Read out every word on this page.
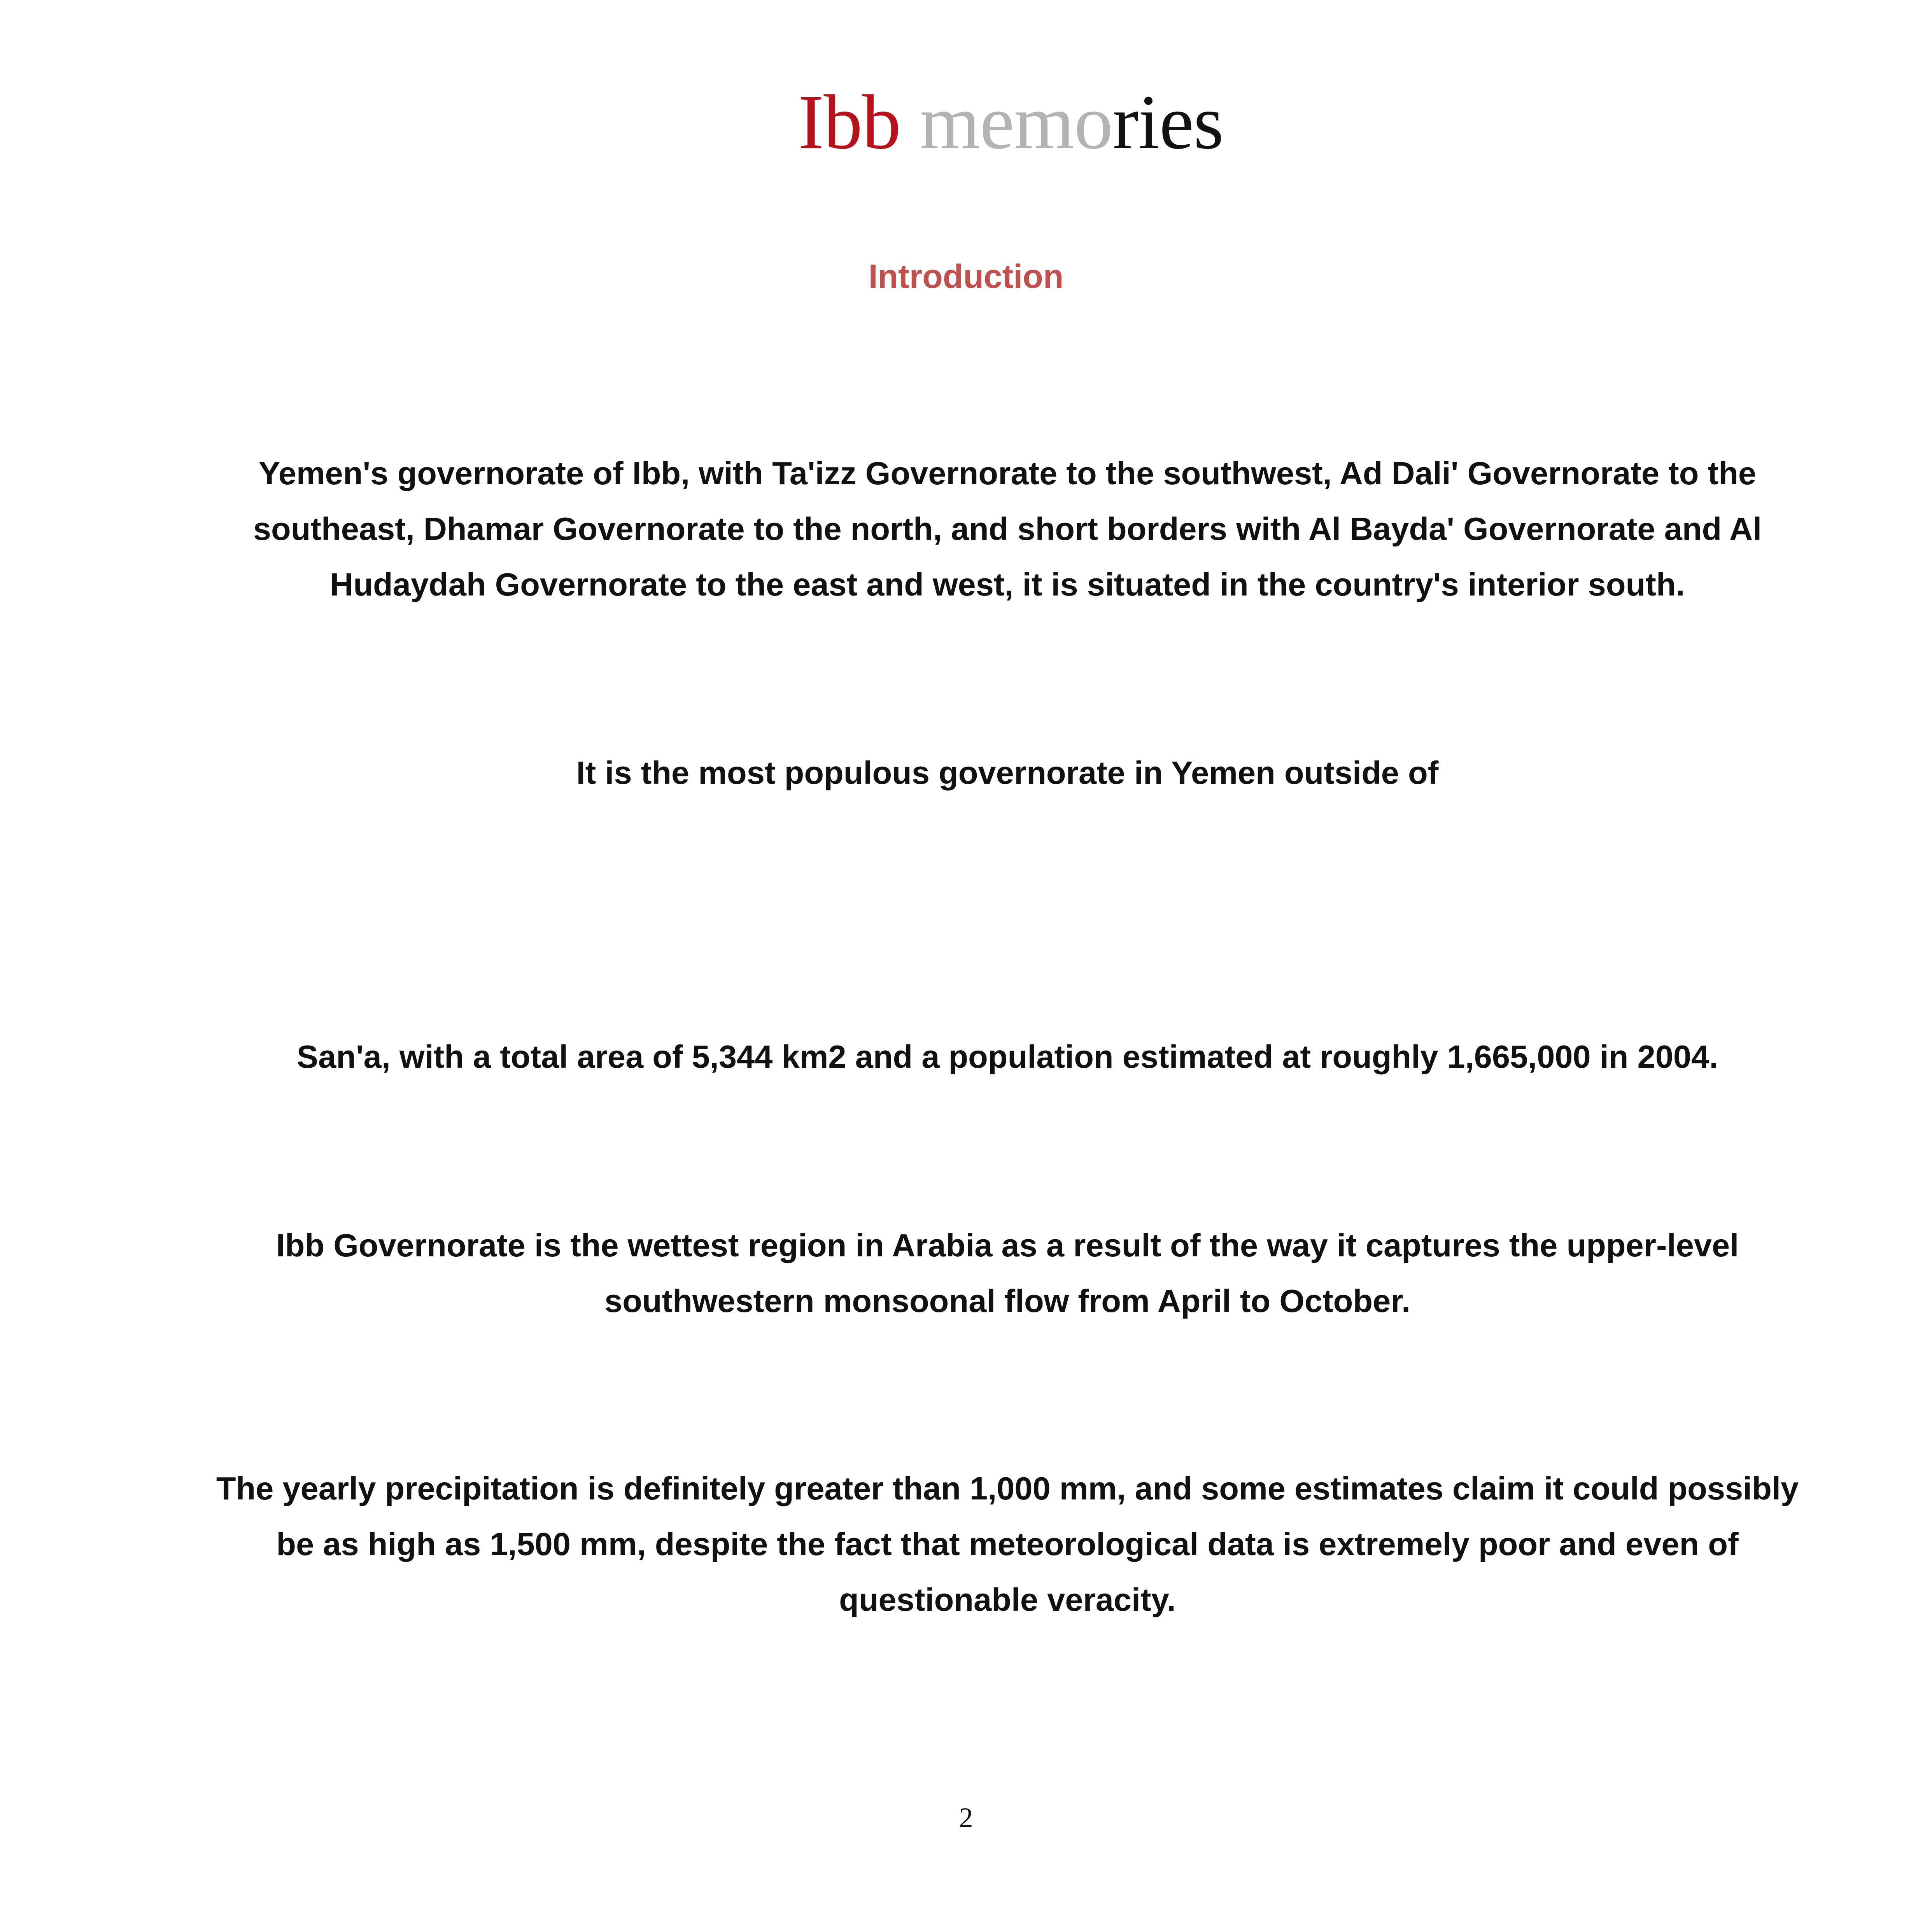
Ibb memories
Introduction
Yemen's governorate of Ibb, with Ta'izz Governorate to the southwest, Ad Dali' Governorate to the southeast, Dhamar Governorate to the north, and short borders with Al Bayda' Governorate and Al Hudaydah Governorate to the east and west, it is situated in the country's interior south.
It is the most populous governorate in Yemen outside of
San'a, with a total area of 5,344 km2 and a population estimated at roughly 1,665,000 in 2004.
Ibb Governorate is the wettest region in Arabia as a result of the way it captures the upper-level southwestern monsoonal flow from April to October.
The yearly precipitation is definitely greater than 1,000 mm, and some estimates claim it could possibly be as high as 1,500 mm, despite the fact that meteorological data is extremely poor and even of questionable veracity.
2
